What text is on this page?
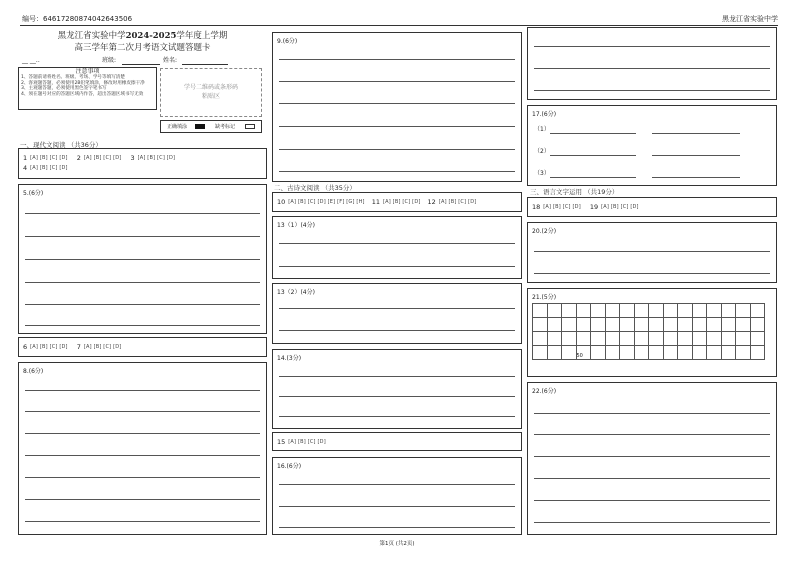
编号：6461728087404264350​6	黑龙江省实验中学
黑龙江省实验中学2024-2025学年度上学期
高三学年第二次月考语文试题答题卡
__ __..	班级:	姓名:
注意事项
1、答题前请将姓名、班级、考场、学号等填写清楚
2、客观题答题，必须使用2B铅笔填涂，修改时用橡皮擦干净
3、主观题答题，必须使用黑色签字笔书写
4、须在题号对应的答题区域内作答，超出答题区域书写无效
学号二维码或条形码
粘贴区
正确填涂	缺考标记
一、现代文阅读 （共36分）
1 [A] [B] [C] [D] 2 [A] [B] [C] [D] 3 [A] [B] [C] [D]
4 [A] [B] [C] [D]
5.(6分)
6 [A] [B] [C] [D] 7 [A] [B] [C] [D]
8.(6分)
9.(6分)
二、古诗文阅读 （共35分）
10 [A] [B] [C] [D] [E] [F] [G] [H] 11 [A] [B] [C] [D] 12 [A] [B] [C] [D]
13（1）(4分)
13（2）(4分)
14.(3分)
15 [A] [B] [C] [D]
16.(6分)
17.(6分)
（1）
（2）
（3）
三、语言文字运用 （共19分）
18 [A] [B] [C] [D] 19 [A] [B] [C] [D]
20.(2分)
21.(5分)

			50												
22.(6分)
第1页 (共2页)
